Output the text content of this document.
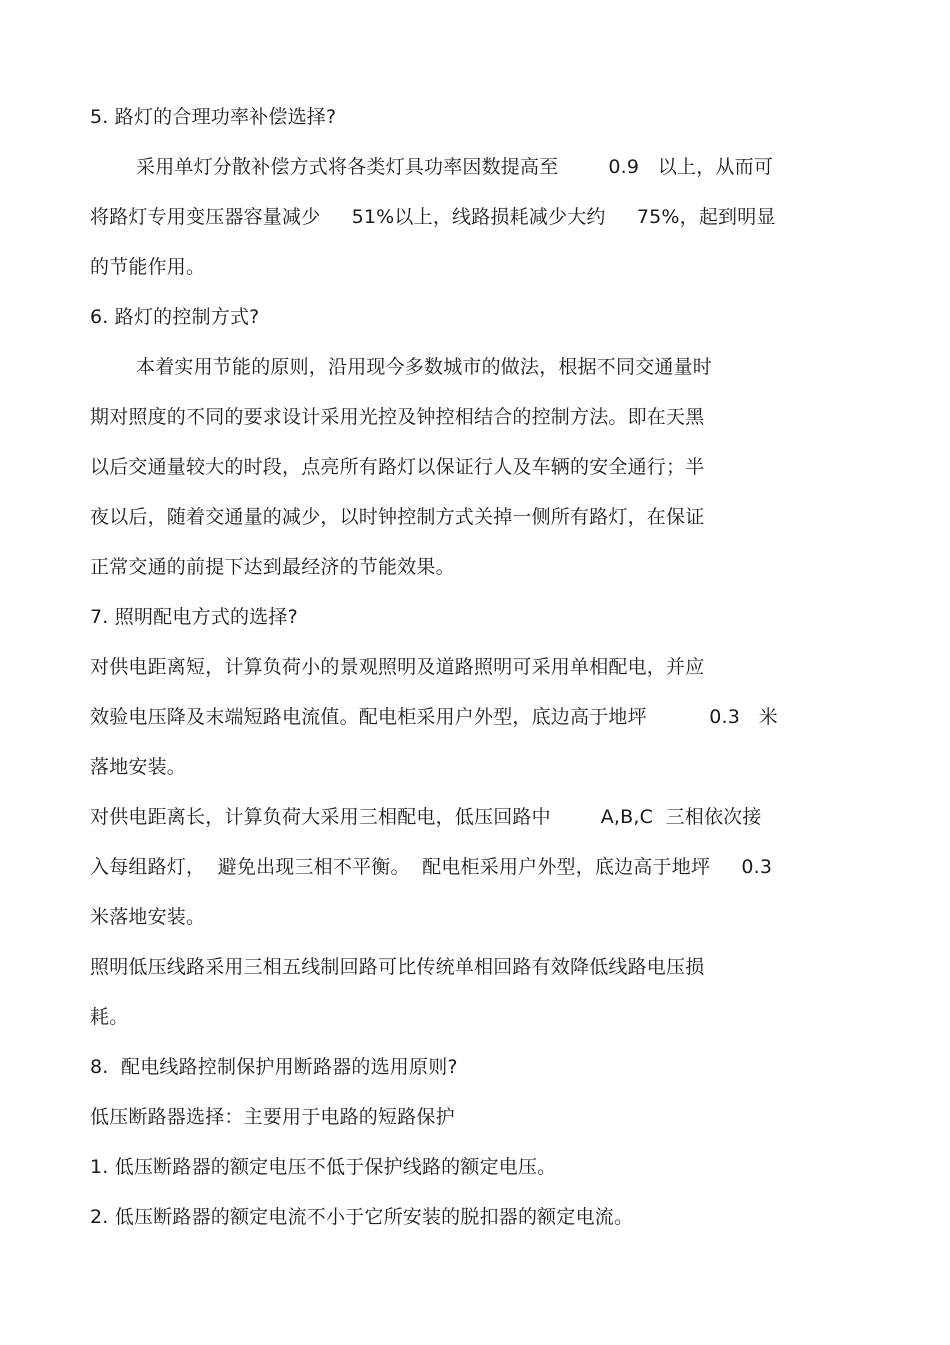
5. 路灯的合理功率补偿选择?
采用单灯分散补偿方式将各类灯具功率因数提高至        0.9   以上，从而可
将路灯专用变压器容量减少     51%以上，线路损耗减少大约     75%，起到明显
的节能作用。
6. 路灯的控制方式?
本着实用节能的原则，沿用现今多数城市的做法，根据不同交通量时
期对照度的不同的要求设计采用光控及钟控相结合的控制方法。即在天黑
以后交通量较大的时段，点亮所有路灯以保证行人及车辆的安全通行；半
夜以后，随着交通量的减少，以时钟控制方式关掉一侧所有路灯，在保证
正常交通的前提下达到最经济的节能效果。
7. 照明配电方式的选择?
对供电距离短，计算负荷小的景观照明及道路照明可采用单相配电，并应
效验电压降及末端短路电流值。配电柜采用户外型，底边高于地坪          0.3   米
落地安装。
对供电距离长，计算负荷大采用三相配电，低压回路中        A,B,C  三相依次接
入每组路灯，  避免出现三相不平衡。  配电柜采用户外型，底边高于地坪     0.3
米落地安装。
照明低压线路采用三相五线制回路可比传统单相回路有效降低线路电压损
耗。
8.  配电线路控制保护用断路器的选用原则?
低压断路器选择：主要用于电路的短路保护
1. 低压断路器的额定电压不低于保护线路的额定电压。
2. 低压断路器的额定电流不小于它所安装的脱扣器的额定电流。
